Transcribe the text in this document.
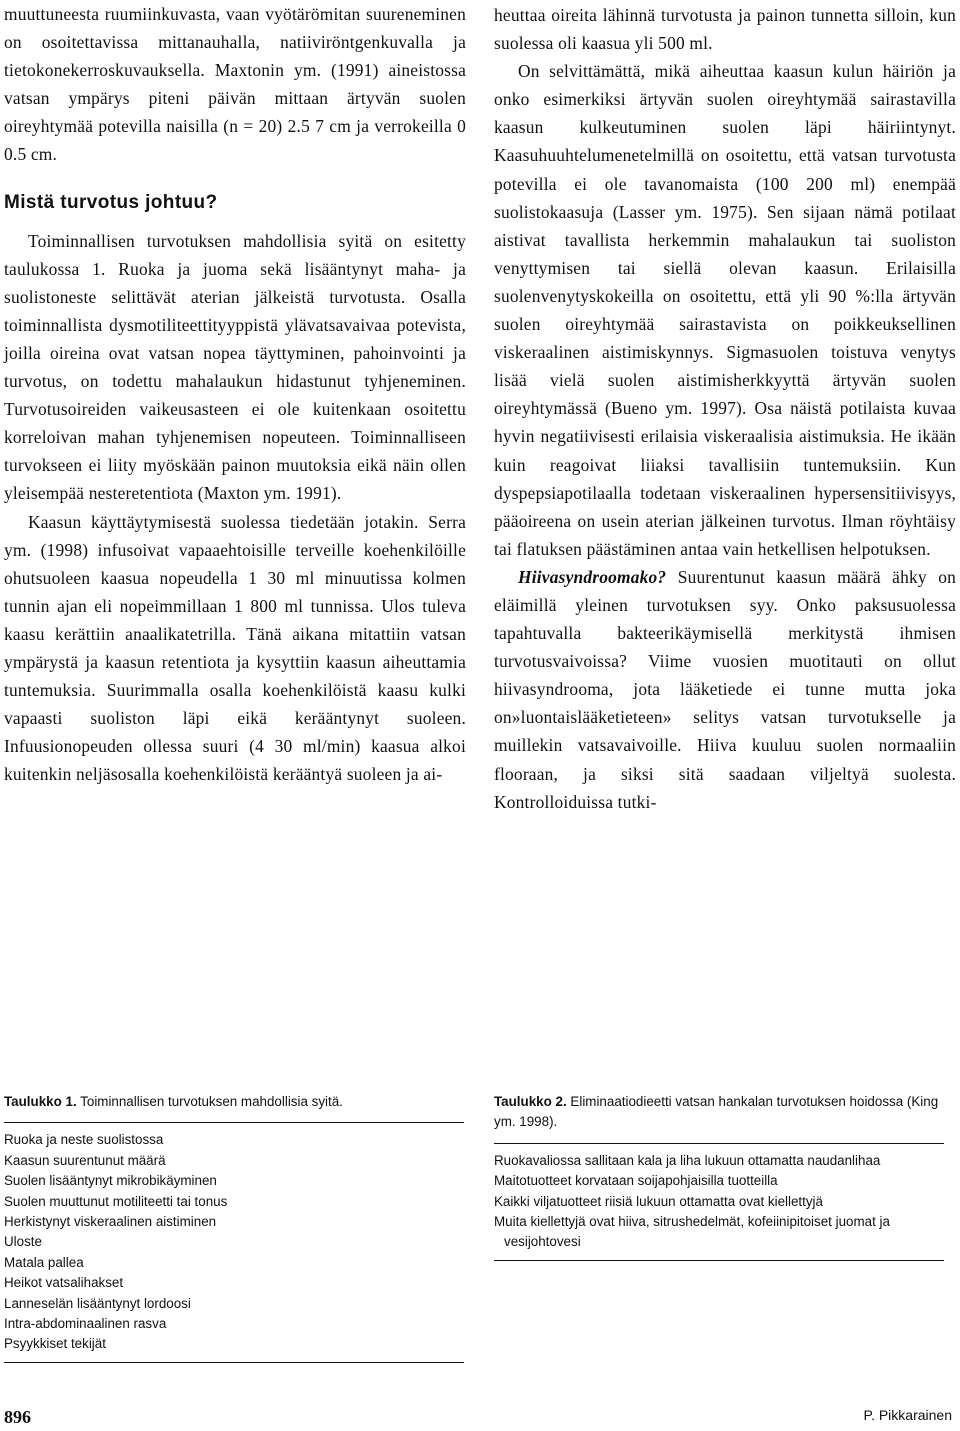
muuttuneesta ruumiinkuvasta, vaan vyötärömitan suureneminen on osoitettavissa mittanauhalla, natiiviröntgenkuvalla ja tietokonekerroskuvauksella. Maxtonin ym. (1991) aineistossa vatsan ympärys piteni päivän mittaan ärtyvän suolen oireyhtymää potevilla naisilla (n = 20) 2.5 7 cm ja verrokeilla 0 0.5 cm.

Mistä turvotus johtuu?

Toiminnallisen turvotuksen mahdollisia syitä on esitetty taulukossa 1. Ruoka ja juoma sekä lisääntynyt maha- ja suolistoneste selittävät aterian jälkeistä turvotusta. Osalla toiminnallista dysmotiliteettityyppistä ylävatsavaivaa potevista, joilla oireina ovat vatsan nopea täyttyminen, pahoinvointi ja turvotus, on todettu mahalaukun hidastunut tyhjeneminen. Turvotusoireiden vaikeusasteen ei ole kuitenkaan osoitettu korreloivan mahan tyhjenemisen nopeuteen. Toiminnalliseen turvokseen ei liity myöskään painon muutoksia eikä näin ollen yleisempää nesteretentiota (Maxton ym. 1991).

Kaasun käyttäytymisestä suolessa tiedetään jotakin. Serra ym. (1998) infusoivat vapaaehtoisille terveille koehenkilöille ohutsuoleen kaasua nopeudella 1 30 ml minuutissa kolmen tunnin ajan eli nopeimmillaan 1 800 ml tunnissa. Ulos tuleva kaasu kerättiin anaalikatetrilla. Tänä aikana mitattiin vatsan ympärystä ja kaasun retentiota ja kysyttiin kaasun aiheuttamia tuntemuksia. Suurimmalla osalla koehenkilöistä kaasu kulki vapaasti suoliston läpi eikä kerääntynyt suoleen. Infuusionopeuden ollessa suuri (4 30 ml/min) kaasua alkoi kuitenkin neljäsosalla koehenkilöistä kerääntyä suoleen ja ai-

heuttaa oireita lähinnä turvotusta ja painon tunnetta silloin, kun suolessa oli kaasua yli 500 ml.

On selvittämättä, mikä aiheuttaa kaasun kulun häiriön ja onko esimerkiksi ärtyvän suolen oireyhtymää sairastavilla kaasun kulkeutuminen suolen läpi häiriintynyt. Kaasuhuuhtelumenetelmillä on osoitettu, että vatsan turvotusta potevilla ei ole tavanomaista (100 200 ml) enempää suolistokaasuja (Lasser ym. 1975). Sen sijaan nämä potilaat aistivat tavallista herkemmin mahalaukun tai suoliston venyttymisen tai siellä olevan kaasun. Erilaisilla suolenvenytyskokeilla on osoitettu, että yli 90 %:lla ärtyvän suolen oireyhtymää sairastavista on poikkeuksellinen viskeraalinen aistimiskynnys. Sigmasuolen toistuva venytys lisää vielä suolen aistimisherkkyyttä ärtyvän suolen oireyhtymässä (Bueno ym. 1997). Osa näistä potilaista kuvaa hyvin negatiivisesti erilaisia viskeraalisia aistimuksia. He ikään kuin reagoivat liiaksi tavallisiin tuntemuksiin. Kun dyspepsiapotilaalla todetaan viskeraalinen hypersensitiivisyys, pääoireena on usein aterian jälkeinen turvotus. Ilman röyhtäisy tai flatuksen päästäminen antaa vain hetkellisen helpotuksen.

Hiivasyndroomako? Suurentunut kaasun määrä ähky on eläimillä yleinen turvotuksen syy. Onko paksusuolessa tapahtuvalla bakteerikäymisellä merkitystä ihmisen turvotusvaivoissa? Viime vuosien muotitauti on ollut hiivasyndrooma, jota lääketiede ei tunne mutta joka on»luontaislääketieteen» selitys vatsan turvotukselle ja muillekin vatsavaivoille. Hiiva kuuluu suolen normaaliin flooraan, ja siksi sitä saadaan viljeltyä suolesta. Kontrolloiduissa tutki-

Taulukko 1. Toiminnallisen turvotuksen mahdollisia syitä.

Ruoka ja neste suolistossa
Kaasun suurentunut määrä
Suolen lisääntynyt mikrobikäyminen
Suolen muuttunut motiliteetti tai tonus
Herkistynyt viskeraalinen aistiminen
Uloste
Matala pallea
Heikot vatsalihakset
Lanneselän lisääntynyt lordoosi
Intra-abdominaalinen rasva
Psyykkiset tekijät

Taulukko 2. Eliminaatiodieetti vatsan hankalan turvotuksen hoidossa (King ym. 1998).

Ruokavaliossa sallitaan kala ja liha lukuun ottamatta naudanlihaa
Maitotuotteet korvataan soijapohjaisilla tuotteilla
Kaikki viljatuotteet riisiä lukuun ottamatta ovat kiellettyjä
Muita kiellettyjä ovat hiiva, sitrushedelmät, kofeiinipitoiset juomat ja vesijohtovesi
896	P. Pikkarainen
